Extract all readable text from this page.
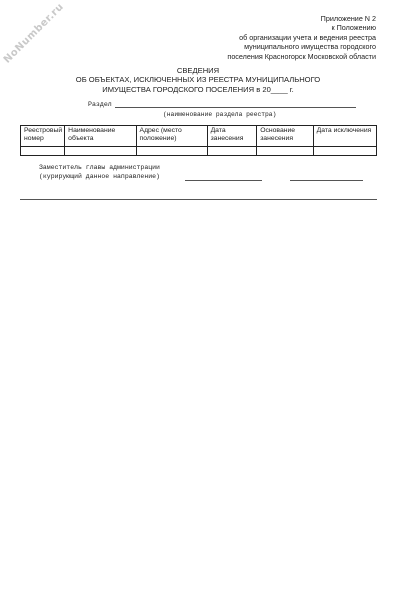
NoNumber.ru	Приложение N 2
к Положению
об организации учета и ведения реестра
муниципального имущества городского
поселения Красногорск Московской области
СВЕДЕНИЯ
ОБ ОБЪЕКТАХ, ИСКЛЮЧЕННЫХ ИЗ РЕЕСТРА МУНИЦИПАЛЬНОГО
ИМУЩЕСТВА ГОРОДСКОГО ПОСЕЛЕНИЯ в 20____ г.
Раздел
(наименование раздела реестра)
Реестровый номер	Наименование объекта	Адрес (место положение)	Дата занесения	Основание занесения	Дата исключения

Заместитель главы администрации
(курирующий данное направление)
